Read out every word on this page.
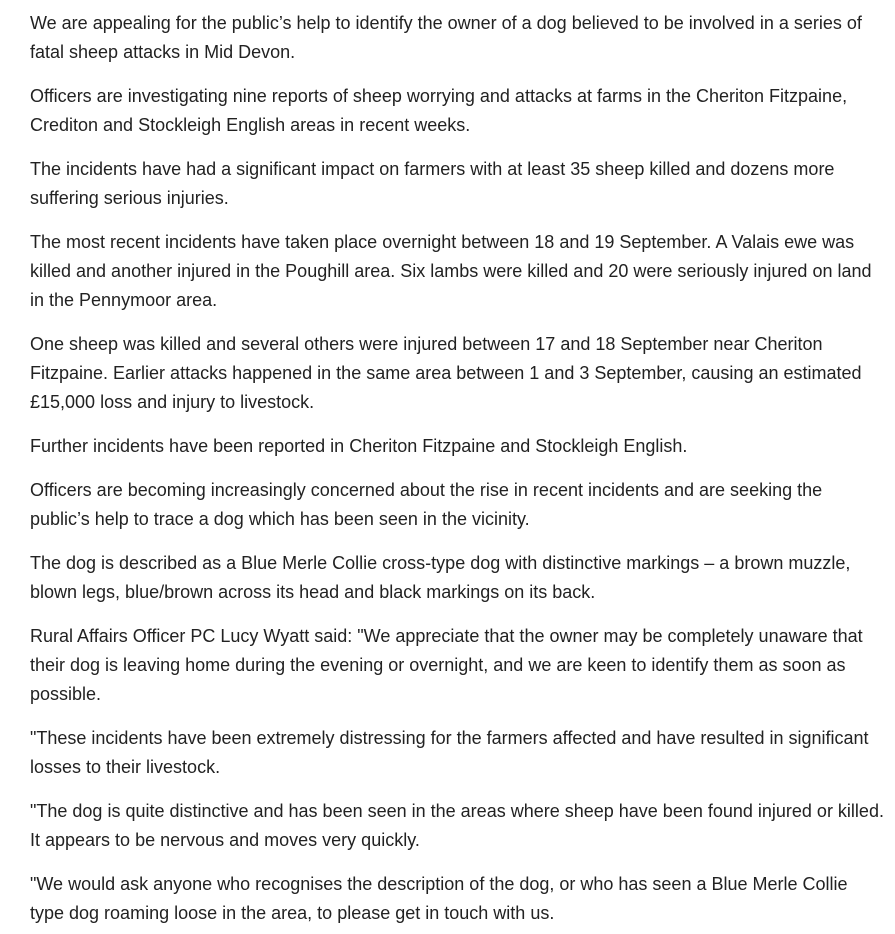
We are appealing for the public’s help to identify the owner of a dog believed to be involved in a series of fatal sheep attacks in Mid Devon.

Officers are investigating nine reports of sheep worrying and attacks at farms in the Cheriton Fitzpaine, Crediton and Stockleigh English areas in recent weeks.

The incidents have had a significant impact on farmers with at least 35 sheep killed and dozens more suffering serious injuries.

The most recent incidents have taken place overnight between 18 and 19 September. A Valais ewe was killed and another injured in the Poughill area. Six lambs were killed and 20 were seriously injured on land in the Pennymoor area.

One sheep was killed and several others were injured between 17 and 18 September near Cheriton Fitzpaine. Earlier attacks happened in the same area between 1 and 3 September, causing an estimated £15,000 loss and injury to livestock.

Further incidents have been reported in Cheriton Fitzpaine and Stockleigh English.

Officers are becoming increasingly concerned about the rise in recent incidents and are seeking the public’s help to trace a dog which has been seen in the vicinity.

The dog is described as a Blue Merle Collie cross-type dog with distinctive markings – a brown muzzle, blown legs, blue/brown across its head and black markings on its back.

Rural Affairs Officer PC Lucy Wyatt said: "We appreciate that the owner may be completely unaware that their dog is leaving home during the evening or overnight, and we are keen to identify them as soon as possible.

"These incidents have been extremely distressing for the farmers affected and have resulted in significant losses to their livestock.

"The dog is quite distinctive and has been seen in the areas where sheep have been found injured or killed. It appears to be nervous and moves very quickly.

"We would ask anyone who recognises the description of the dog, or who has seen a Blue Merle Collie type dog roaming loose in the area, to please get in touch with us.
